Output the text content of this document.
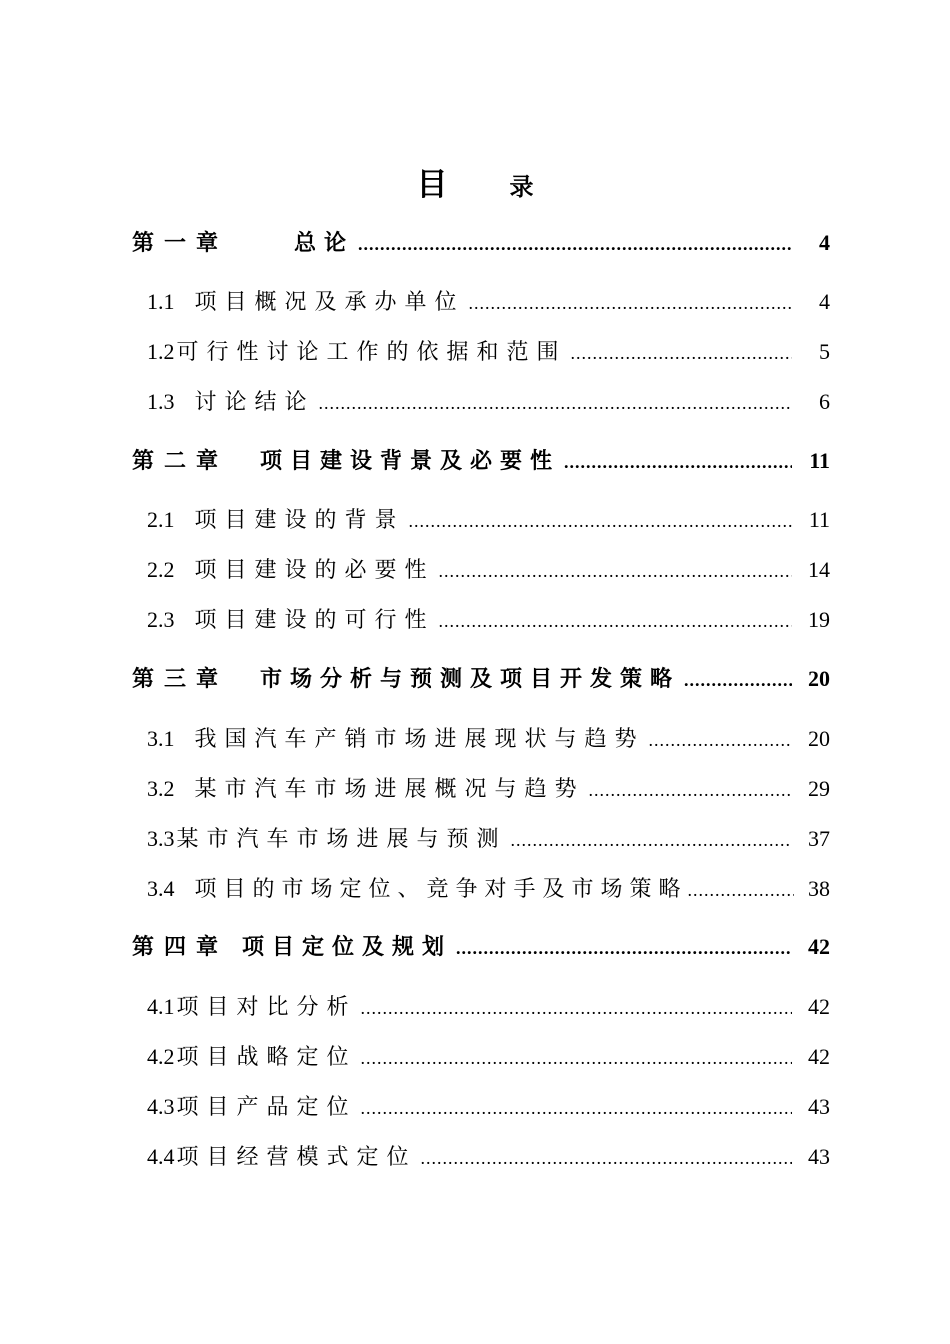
目	录
第一章	总论 .....	4
1.1 项目概况及承办单位 .....	4
1.2 可行性讨论工作的依据和范围 .....	5
1.3 讨论结论 .....	6
第二章 项目建设背景及必要性 .....	11
2.1 项目建设的背景 .....	11
2.2 项目建设的必要性 .....	14
2.3 项目建设的可行性 .....	19
第三章 市场分析与预测及项目开发策略 .....	20
3.1 我国汽车产销市场进展现状与趋势 .....	20
3.2 某市汽车市场进展概况与趋势 .....	29
3.3 某市汽车市场进展与预测 .....	37
3.4 项目的市场定位、竞争对手及市场策略 .....	38
第四章 项目定位及规划 .....	42
4.1 项目对比分析 .....	42
4.2 项目战略定位 .....	42
4.3 项目产品定位 .....	43
4.4 项目经营模式定位 .....	43
